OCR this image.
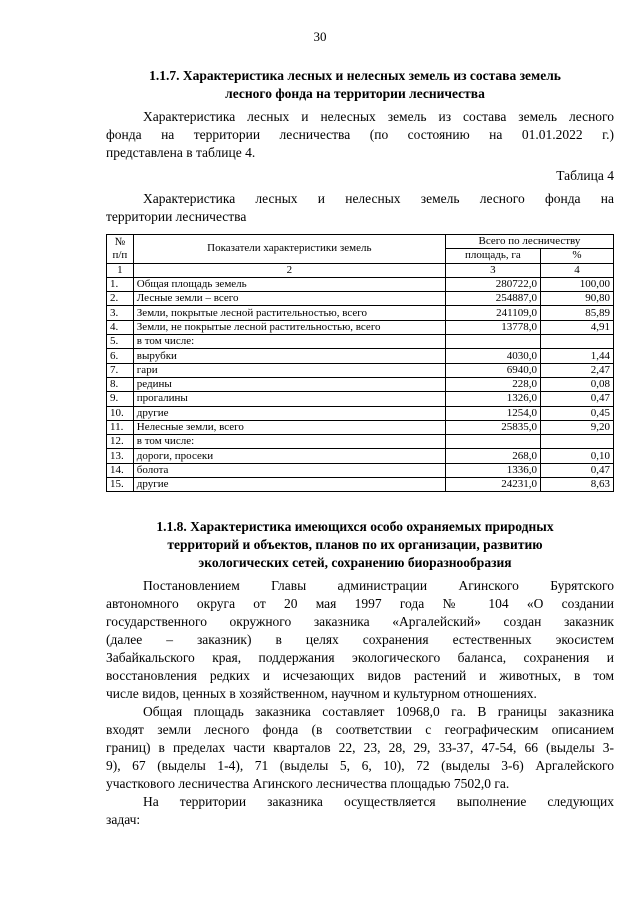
30
1.1.7. Характеристика лесных и нелесных земель из состава земель
лесного фонда на территории лесничества
Характеристика лесных и нелесных земель из состава земель лесного
фонда на территории лесничества (по состоянию на 01.01.2022 г.)
представлена в таблице 4.
Таблица 4
Характеристика лесных и нелесных земель лесного фонда на
территории лесничества
№ п/п	Показатели характеристики земель	Всего по лесничеству	
		площадь, га	%
1	2	3	4
1.	Общая площадь земель	280722,0	100,00
2.	Лесные земли – всего	254887,0	90,80
3.	Земли, покрытые лесной растительностью, всего	241109,0	85,89
4.	Земли, не покрытые лесной растительностью, всего	13778,0	4,91
5.	в том числе:		
6.	вырубки	4030,0	1,44
7.	гари	6940,0	2,47
8.	редины	228,0	0,08
9.	прогалины	1326,0	0,47
10.	другие	1254,0	0,45
11.	Нелесные земли, всего	25835,0	9,20
12.	в том числе:		
13.	дороги, просеки	268,0	0,10
14.	болота	1336,0	0,47
15.	другие	24231,0	8,63
1.1.8. Характеристика имеющихся особо охраняемых природных
территорий и объектов, планов по их организации, развитию
экологических сетей, сохранению биоразнообразия
Постановлением Главы администрации Агинского Бурятского
автономного округа от 20 мая 1997 года № 104 «О создании
государственного окружного заказника «Аргалейский» создан заказник
(далее – заказник) в целях сохранения естественных экосистем
Забайкальского края, поддержания экологического баланса, сохранения и
восстановления редких и исчезающих видов растений и животных, в том
числе видов, ценных в хозяйственном, научном и культурном отношениях.
Общая площадь заказника составляет 10968,0 га. В границы заказника
входят земли лесного фонда (в соответствии с географическим описанием
границ) в пределах части кварталов 22, 23, 28, 29, 33-37, 47-54, 66 (выделы 3-
9), 67 (выделы 1-4), 71 (выделы 5, 6, 10), 72 (выделы 3-6) Аргалейского
участкового лесничества Агинского лесничества площадью 7502,0 га.
На территории заказника осуществляется выполнение следующих
задач:
